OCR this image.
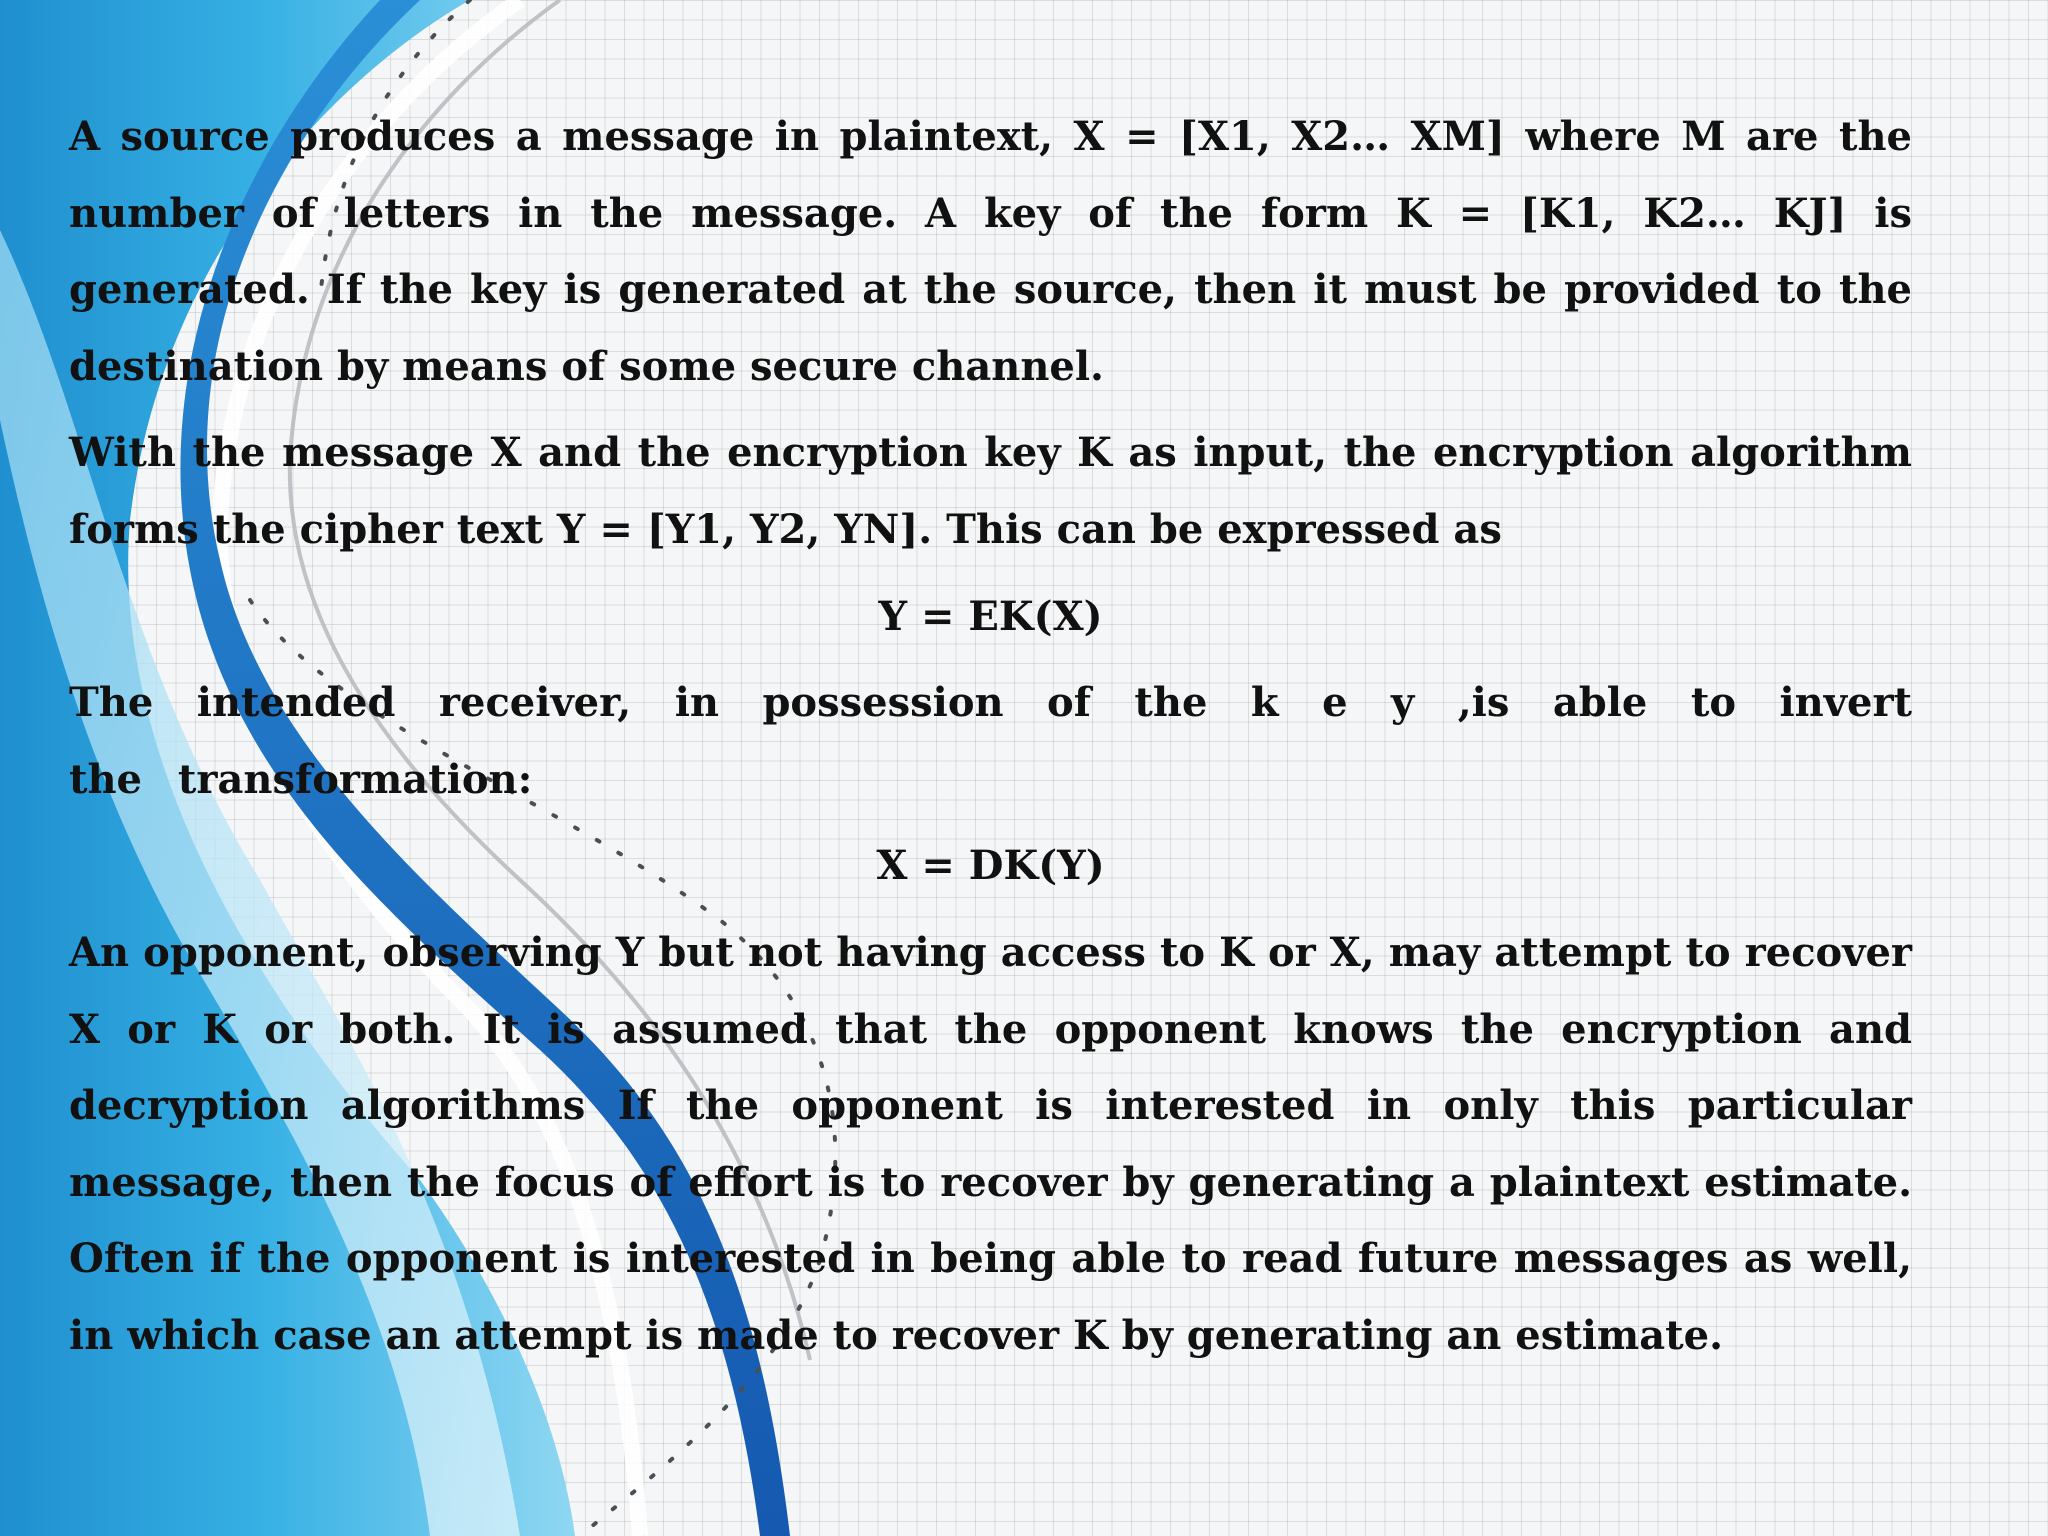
A source produces a message in plaintext, X = [X1, X2… XM] where M are the number of letters in the message. A key of the form K = [K1, K2… KJ] is generated. If the key is generated at the source, then it must be provided to the destination by means of some secure channel.

With the message X and the encryption key K as input, the encryption algorithm forms the cipher text Y = [Y1, Y2, YN]. This can be expressed as

Y = EK(X)

The intended receiver, in possession of the k e y ,is able to invert the transformation:

X = DK(Y)

An opponent, observing Y but not having access to K or X, may attempt to recover X or K or both. It is assumed that the opponent knows the encryption and decryption algorithms If the opponent is interested in only this particular message, then the focus of effort is to recover by generating a plaintext estimate. Often if the opponent is interested in being able to read future messages as well, in which case an attempt is made to recover K by generating an estimate.
